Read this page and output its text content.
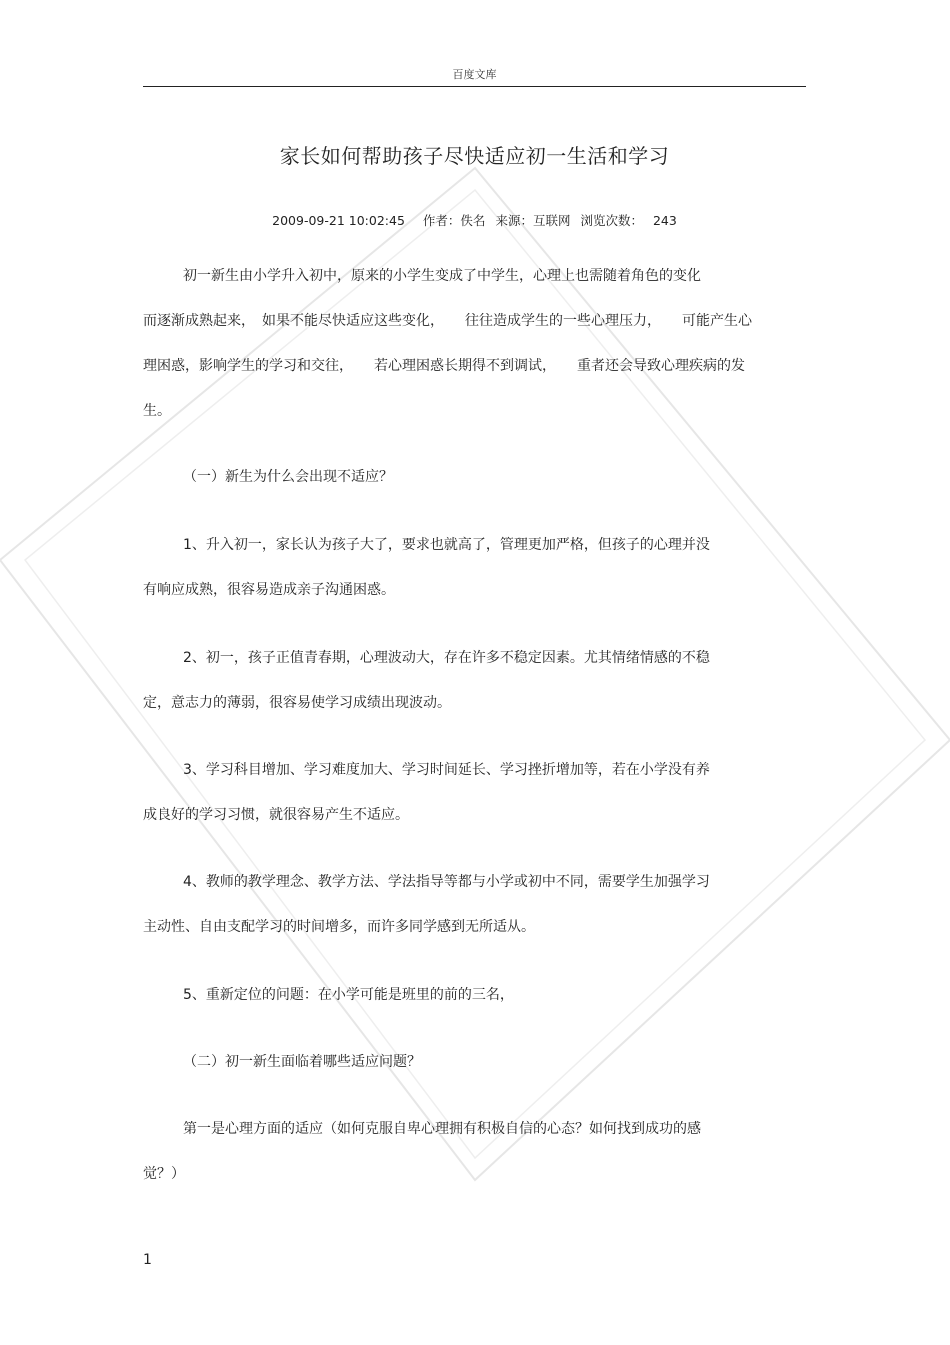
百度文库
家长如何帮助孩子尽快适应初一生活和学习
2009-09-21 10:02:45 作者：佚名 来源：互联网 浏览次数： 243
初一新生由小学升入初中，原来的小学生变成了中学生，心理上也需随着角色的变化
而逐渐成熟起来，　如果不能尽快适应这些变化，　　往往造成学生的一些心理压力，　　可能产生心
理困惑，影响学生的学习和交往，　　若心理困惑长期得不到调试，　　重者还会导致心理疾病的发
生。
（一）新生为什么会出现不适应？
1、升入初一，家长认为孩子大了，要求也就高了，管理更加严格，但孩子的心理并没
有响应成熟，很容易造成亲子沟通困惑。
2、初一，孩子正值青春期，心理波动大，存在许多不稳定因素。尤其情绪情感的不稳
定，意志力的薄弱，很容易使学习成绩出现波动。
3、学习科目增加、学习难度加大、学习时间延长、学习挫折增加等，若在小学没有养
成良好的学习习惯，就很容易产生不适应。
4、教师的教学理念、教学方法、学法指导等都与小学或初中不同，需要学生加强学习
主动性、自由支配学习的时间增多，而许多同学感到无所适从。
5、重新定位的问题：在小学可能是班里的前的三名，
（二）初一新生面临着哪些适应问题？
第一是心理方面的适应（如何克服自卑心理拥有积极自信的心态？如何找到成功的感
觉？）
1
